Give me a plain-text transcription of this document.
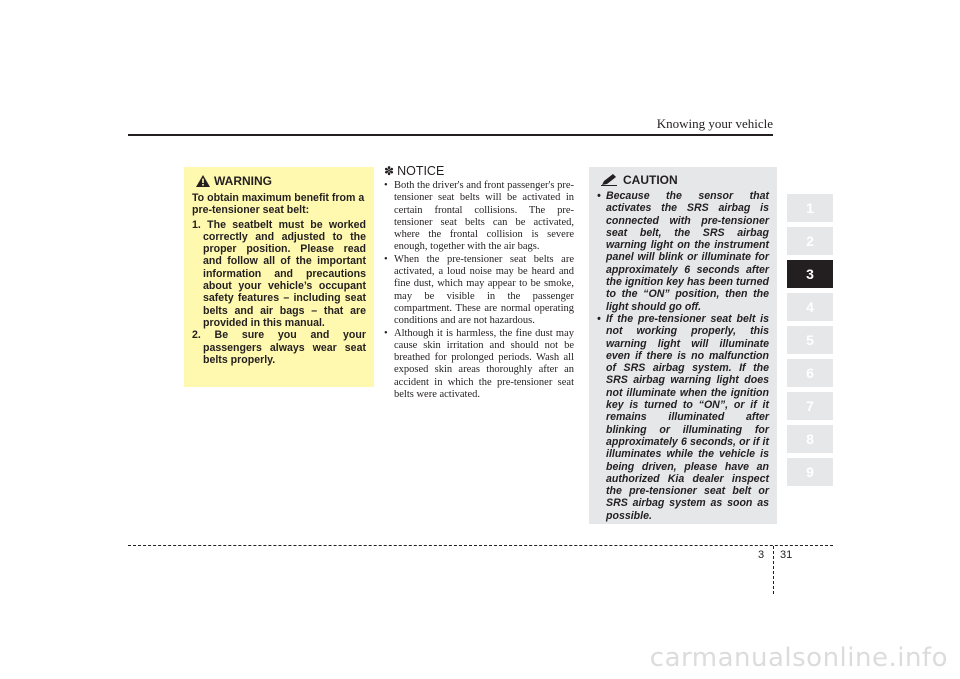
Knowing your vehicle
WARNING
To obtain maximum benefit from a pre-tensioner seat belt:
1. The seatbelt must be worked correctly and adjusted to the proper position. Please read and follow all of the important information and precautions about your vehicle’s occupant safety features – including seat belts and air bags – that are provided in this manual.
2. Be sure you and your passengers always wear seat belts properly.
✽ NOTICE
• Both the driver's and front passenger's pre-tensioner seat belts will be activated in certain frontal collisions. The pre-tensioner seat belts can be activated, where the frontal collision is severe enough, together with the air bags.
• When the pre-tensioner seat belts are activated, a loud noise may be heard and fine dust, which may appear to be smoke, may be visible in the passenger compartment. These are normal operating conditions and are not hazardous.
• Although it is harmless, the fine dust may cause skin irritation and should not be breathed for prolonged periods. Wash all exposed skin areas thoroughly after an accident in which the pre-tensioner seat belts were activated.
CAUTION
• Because the sensor that activates the SRS airbag is connected with pre-tensioner seat belt, the SRS airbag warning light on the instrument panel will blink or illuminate for approximately 6 seconds after the ignition key has been turned to the “ON” position, then the light should go off.
• If the pre-tensioner seat belt is not working properly, this warning light will illuminate even if there is no malfunction of SRS airbag system. If the SRS airbag warning light does not illuminate when the ignition key is turned to “ON”, or if it remains illuminated after blinking or illuminating for approximately 6 seconds, or if it illuminates while the vehicle is being driven, please have an authorized Kia dealer inspect the pre-tensioner seat belt or SRS airbag system as soon as possible.
1
2
3
4
5
6
7
8
9
3 31
carmanualsonline.info
